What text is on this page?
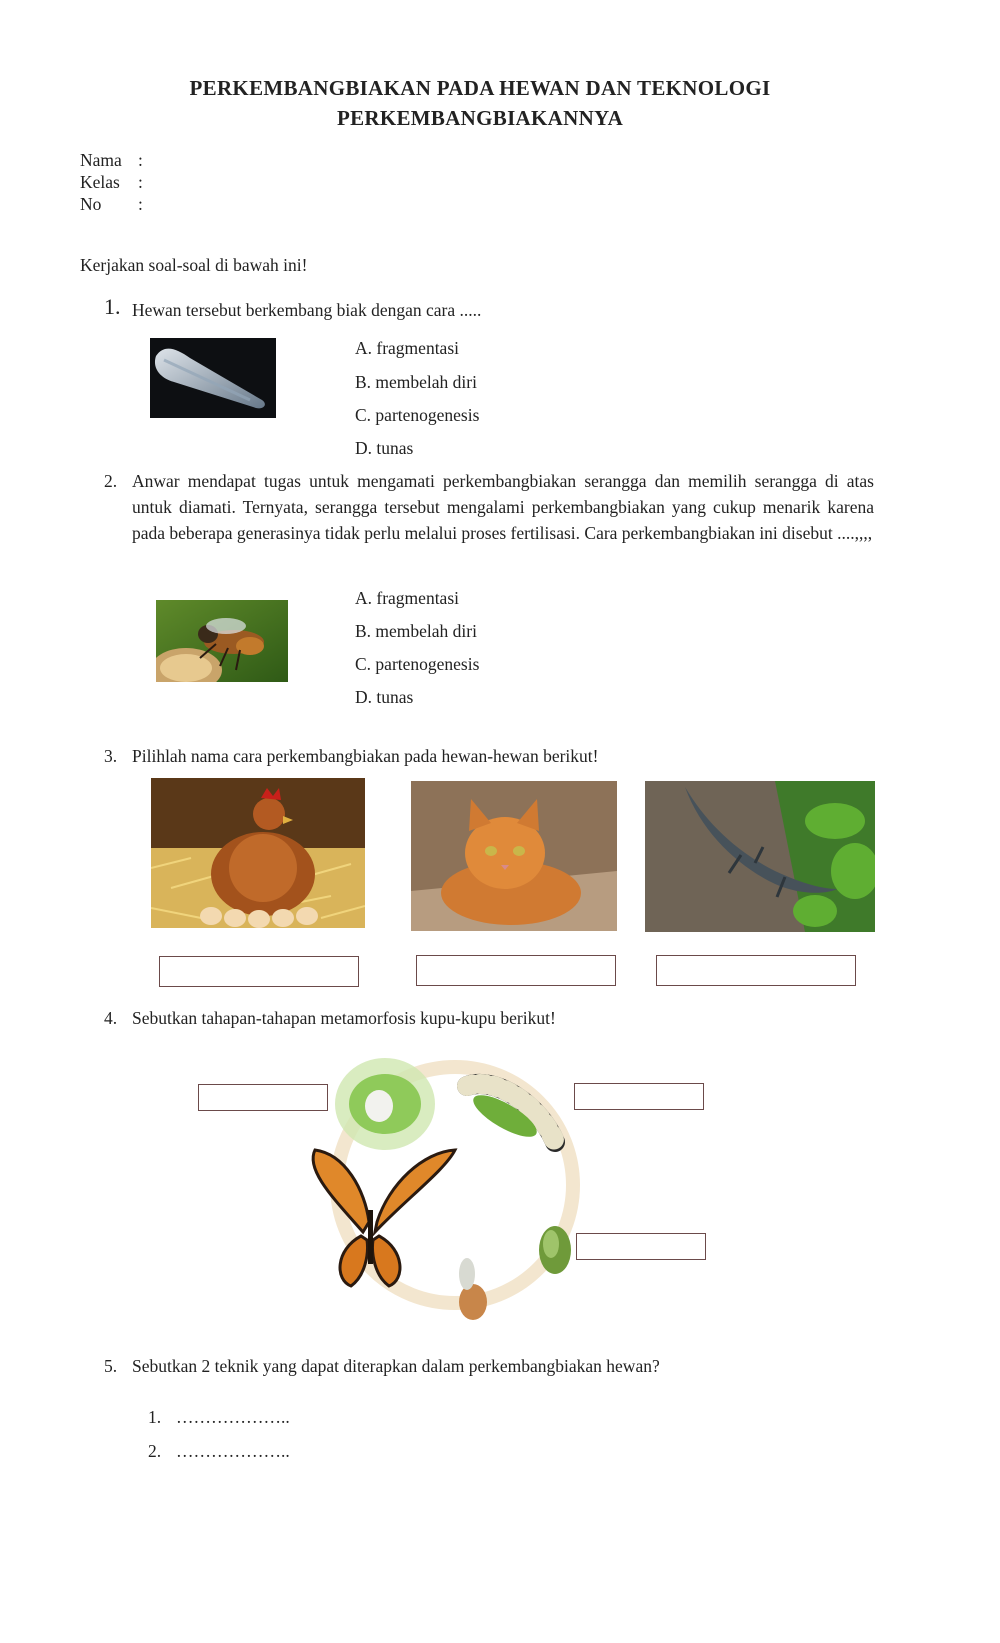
PERKEMBANGBIAKAN PADA HEWAN DAN TEKNOLOGI
PERKEMBANGBIAKANNYA
Nama :
Kelas :
No :
Kerjakan soal-soal di bawah ini!
1. Hewan tersebut berkembang biak dengan cara .....
A. fragmentasi
B. membelah diri
C. partenogenesis
D. tunas
2. Anwar mendapat tugas untuk mengamati perkembangbiakan serangga dan memilih serangga di atas untuk diamati. Ternyata, serangga tersebut mengalami perkembangbiakan yang cukup menarik karena pada beberapa generasinya tidak perlu melalui proses fertilisasi. Cara perkembangbiakan ini disebut ....,,,,
A. fragmentasi
B. membelah diri
C. partenogenesis
D. tunas
3. Pilihlah nama cara perkembangbiakan pada hewan-hewan berikut!
4. Sebutkan tahapan-tahapan metamorfosis kupu-kupu berikut!
5. Sebutkan 2 teknik yang dapat diterapkan dalam perkembangbiakan hewan?
1. ………………..
2. ………………..
